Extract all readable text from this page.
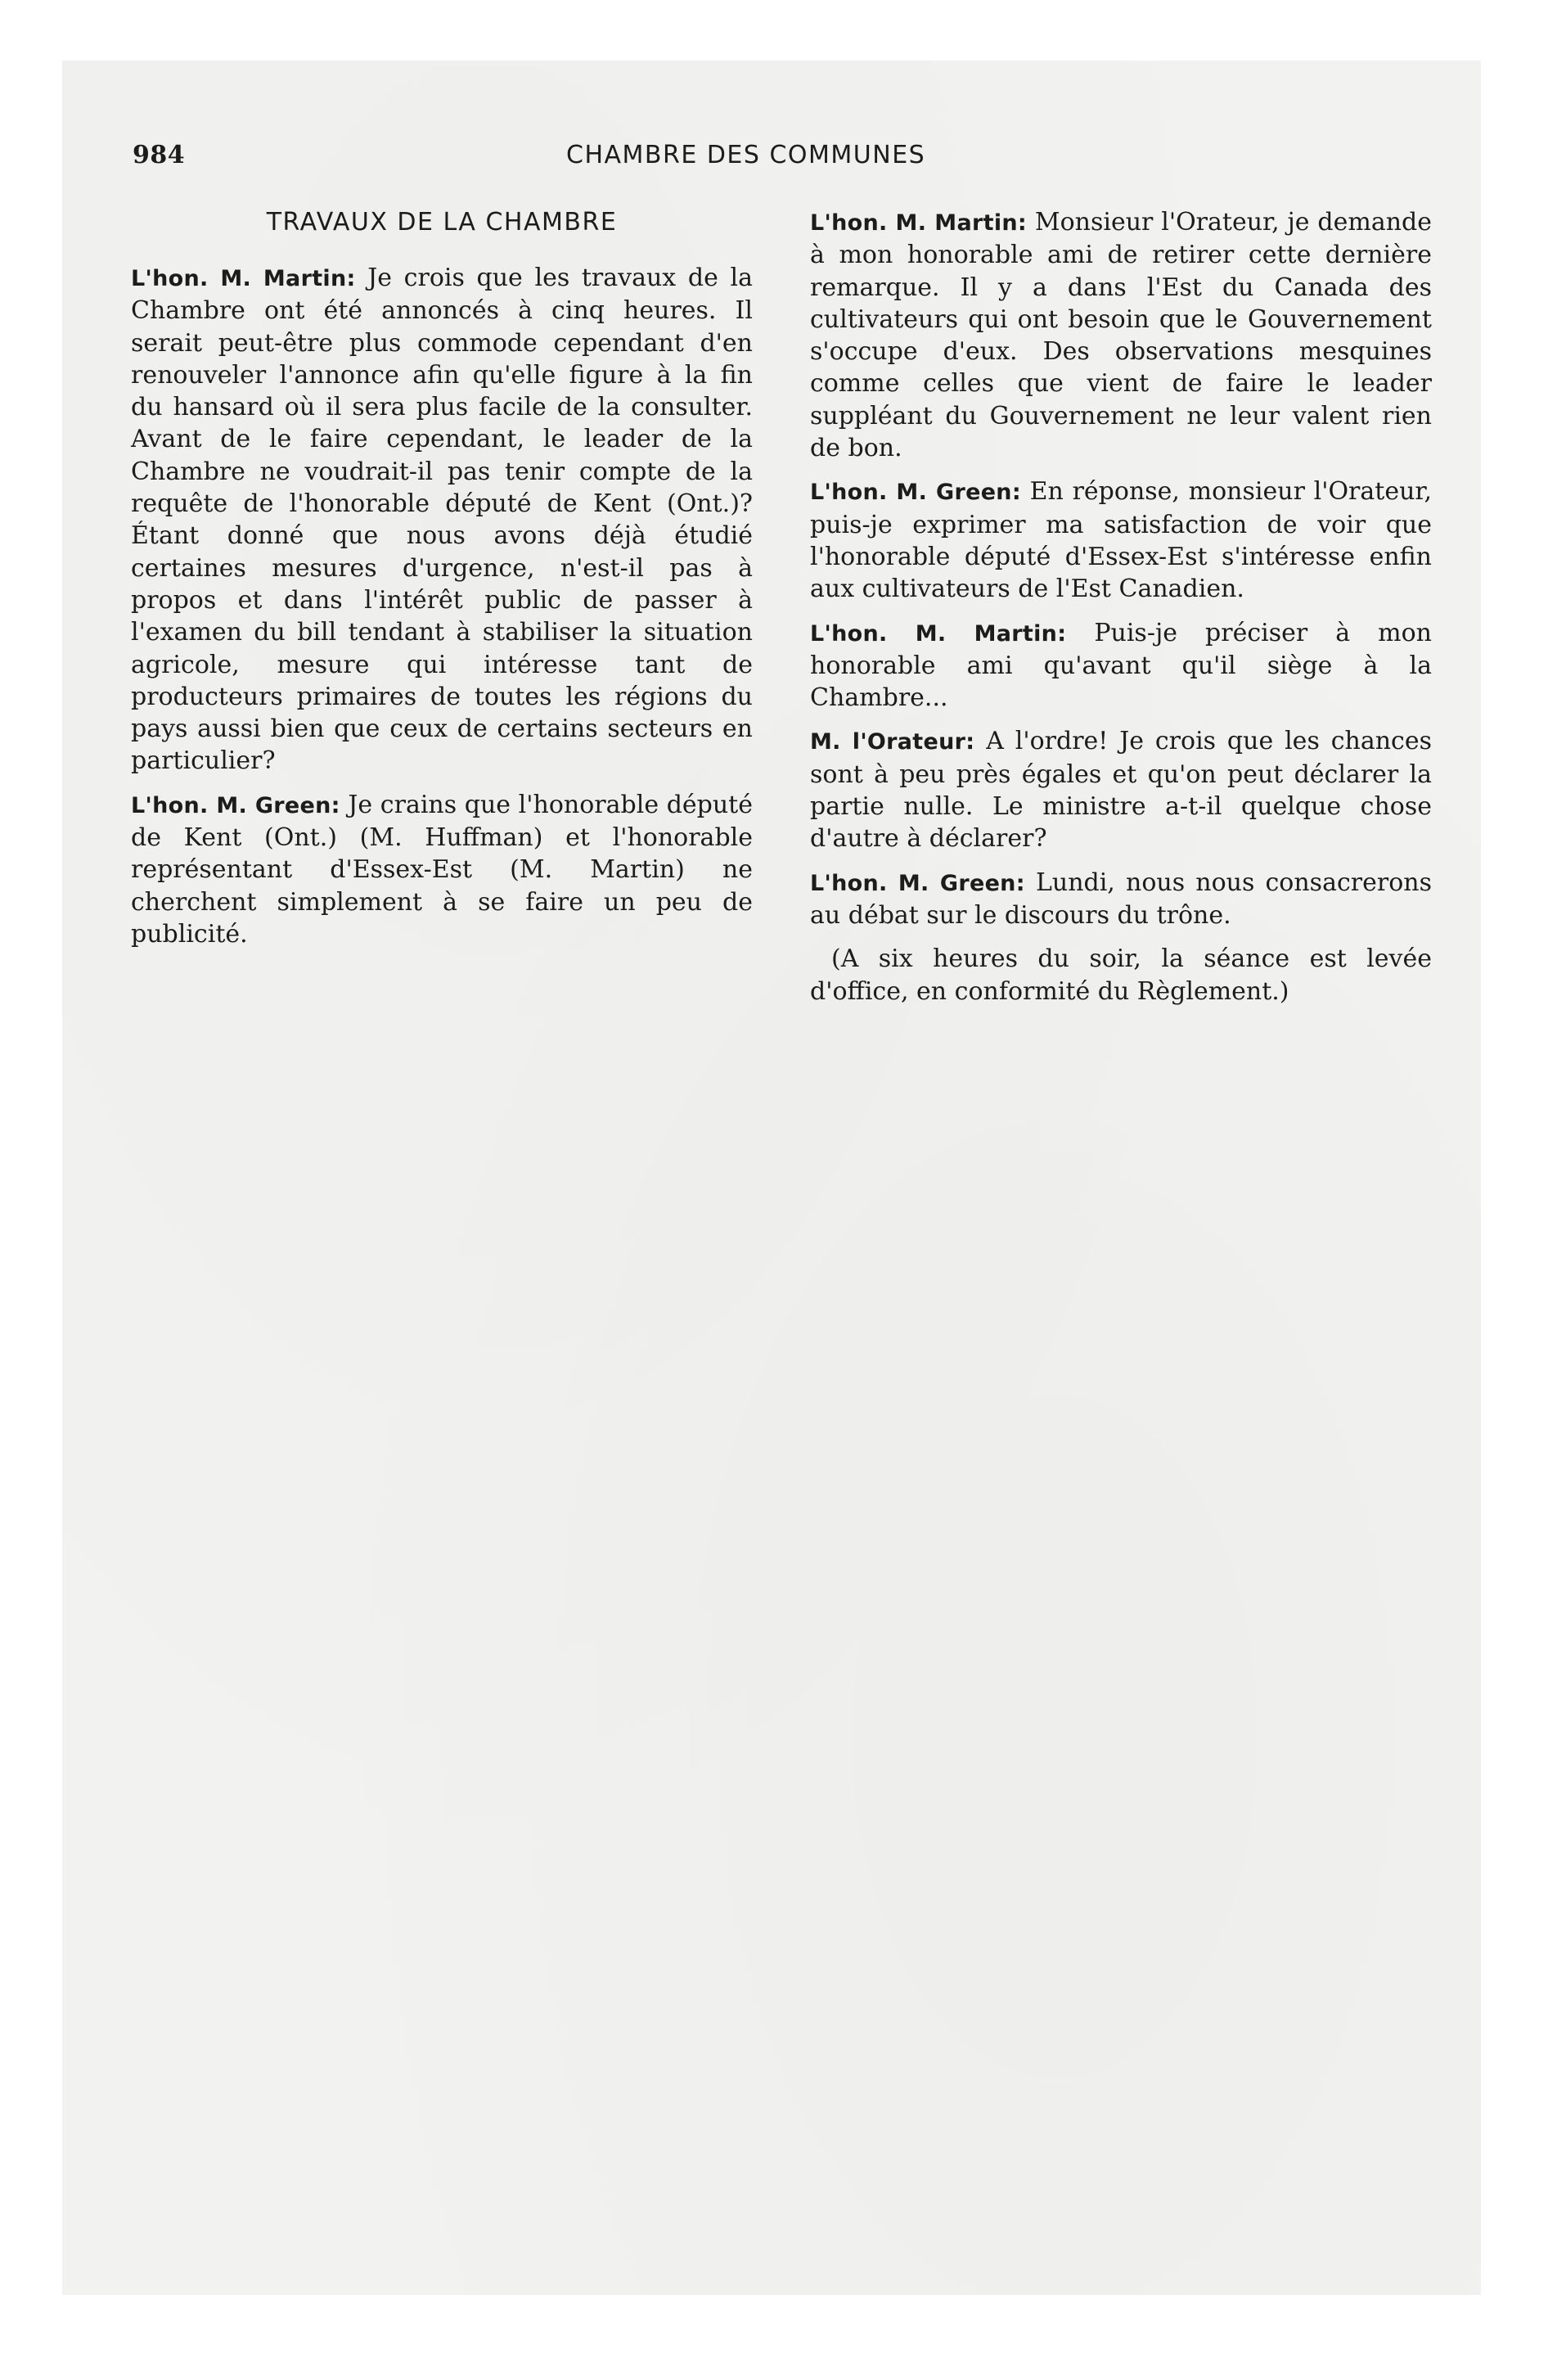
984	CHAMBRE DES COMMUNES
TRAVAUX DE LA CHAMBRE

L'hon. M. Martin: Je crois que les travaux de la Chambre ont été annoncés à cinq heures. Il serait peut-être plus commode cependant d'en renouveler l'annonce afin qu'elle figure à la fin du hansard où il sera plus facile de la consulter. Avant de le faire cependant, le leader de la Chambre ne voudrait-il pas tenir compte de la requête de l'honorable député de Kent (Ont.)? Étant donné que nous avons déjà étudié certaines mesures d'urgence, n'est-il pas à propos et dans l'intérêt public de passer à l'examen du bill tendant à stabiliser la situation agricole, mesure qui intéresse tant de producteurs primaires de toutes les régions du pays aussi bien que ceux de certains secteurs en particulier?

L'hon. M. Green: Je crains que l'honorable député de Kent (Ont.) (M. Huffman) et l'honorable représentant d'Essex-Est (M. Martin) ne cherchent simplement à se faire un peu de publicité.

L'hon. M. Martin: Monsieur l'Orateur, je demande à mon honorable ami de retirer cette dernière remarque. Il y a dans l'Est du Canada des cultivateurs qui ont besoin que le Gouvernement s'occupe d'eux. Des observations mesquines comme celles que vient de faire le leader suppléant du Gouvernement ne leur valent rien de bon.

L'hon. M. Green: En réponse, monsieur l'Orateur, puis-je exprimer ma satisfaction de voir que l'honorable député d'Essex-Est s'intéresse enfin aux cultivateurs de l'Est Canadien.

L'hon. M. Martin: Puis-je préciser à mon honorable ami qu'avant qu'il siège à la Chambre...

M. l'Orateur: A l'ordre! Je crois que les chances sont à peu près égales et qu'on peut déclarer la partie nulle. Le ministre a-t-il quelque chose d'autre à déclarer?

L'hon. M. Green: Lundi, nous nous consacrerons au débat sur le discours du trône.

(A six heures du soir, la séance est levée d'office, en conformité du Règlement.)
